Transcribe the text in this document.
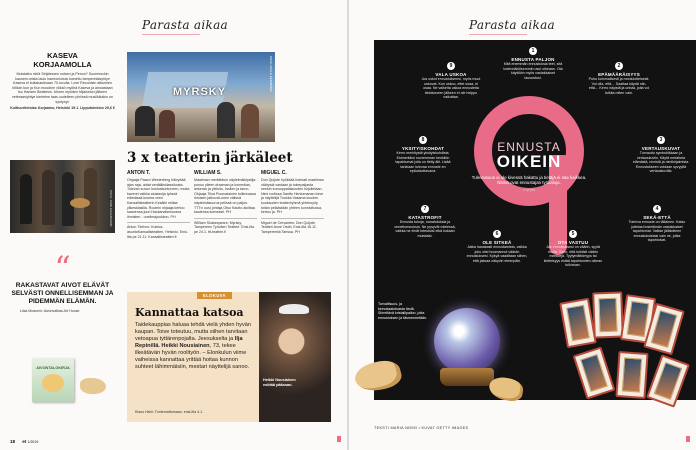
Parasta aikaa
KASEVA KORJAAMOLLA
Muistatko vielä Strijdessen noisen ja Penon? Suomirockin kaunein-mista laulu harmonioista tunnettu tamperelaisyhtye Kaseva ei kultakautinaan 70-luvulla. Love Recordsin albumien billioin kun ja Kun moodine võkkö myöhä Kaseva ja ainoastaan Iso Hansen Beatlesin. Moren myöden hiljaiselon jälkeen veteraaniyhtye kiertelee taas uudelleen piiriinsä musiikkiakin on syntynyt.
Kulttuuritehdas Korjaamo, Helsinki 19.1. Lipputoimisto 29,6 €
KUVA: SAMI JOHANSSON
“
RAKASTAVAT AIVOT ELÄVÄT SELVÄSTI ONNELLISEMMAN JA PIDEMMÄN ELÄMÄN.
Liisa Mosseni: Aivonvaltias Art House
AIVONTALOKIRJA
MYRSKY
KUVA: KALLE KEKOMÄKI
3 x teatterin järkäleet
ANTON T.
Ohjaaja Paavo Westerberg häivyttää ajan raja- aidat venäläisklassikosta. Tulevan suvun kustoskuntuneen, mutta kaverei vaikka alustavija työssä elämässä kuoma veen Kansallisteatterin Kesälle millaa ylikeskiasilla. Roolein ohjaaja kertoo saanensa juuri Hackanaismunana ihmisten - uneilmajoukkon. PH
Anton Tšehov: Kuinka-asuntoKansallisteatteri, Helsinki. Ensi-ilta pe 21.11. Kansallisteatteri.fi
WILLIAM S.
Maailman merkittävin näytelmäkirjailija punoo ylleen draaman ja komedian, ankeran ja yleisön, tosilen ja tarun. Ohjaaja Tiina Puumalainen tulkinnassa ihmisen jatkuvat-unen välissä näytelmäsuurus pelissä on paljon. TTT:n uusi johtaja Otso Kautto aloittaa kautensa komeasti. PH
William Shakespeare: Myrsky, Tampereen Työväen Teatteri. Ensi-ilta pe 24.1. ttt-teatteri.fi
MIGUEL C.
Don Quijote hyökkää liotessil maailman väärysiä vastaan ja tuleepaljasta neekin eurooppalaisuuden kirjoitetaan. Nimi roolissa Santtu Hentumanan toive ja näyttelijä Tuukka Vasama kuuden kuukauden teatteriryhmä yhteisryöp toitan pelkästään yhteen kunnioitussa, kertoo ja. PH
Miguel de Cervantes: Don Quijote, Teatteri Anne Ostel, Ensi-ilta 16.11. Tampereella Tanssa. PH
ELOKUVA
Kannattaa katsoa
Taidekauppias haluaa tehdä vielä yhden hyvän kaupan. Toive toteutuu, mutta siihen tarvitaan vetoapua tyttärenpojalta. Jeesukselta ja Ilja Repinillä. Heikki Nousiainen, 73, tekee ilkeätävän hyvän roolityön. – Elonkulun viime vaiheissa kannattaa yrittää hoitaa kunnon suhteet lähimmäisiin, mestari näyttelijä sanoo.
Klaus Härö: Tuntemattomaan, ensi-ilta 4.1.
Heikki Nousiainen esittää pääosan.
18 et 1/2019
Parasta aikaa
ENNUSTA
OIKEIN
Tulevaisuus ei ole kivessä hakattu ja tietäjä ei näe kaikkea. Nämä ovat ennustajan työkaluja.
5 tyhjää
1
ENNUSTA PALJON
Mitä enemmän ennustuksia teet, sitä todennäköisemmin osut oikeaan. Ota käyttöön myös vastakkaiset lausuntosi.
2
EPÄMÄÄRÄISYYS
Puhu kummalisesti ja moniulotteisesti. Voi olla, että… Saattaa käydä niin, että… Kerro näyistä ja unista, joita voi tulkita miten vain.
3
VERTAUSKUVAT
Turvaudu symboliikkaan ja vertauskuviin. Käytä metaforia elämästä, nimistä ja nimikirjaimista. Ennustukseen voidaan syvyyttä vertauskuvilla.
4
SEKÄ-ETTÄ
Toimiva ennuste on tällainen. Katso juttelasi tosielämän vastakkaiset tapahtumat. Valitse jälkikäteen ennustuksistasi vain ne, jotka tapahtuivat.
5
OTA VASTUU
Jos ennustuksesi on väärin, syytä muita. Sano, että tulkitsit väärin merkkejä. Tyytymättömyys tai kielteisyys estää tapahtumien oikean tulkinnan.
6
OLE SITKEÄ
Jatka hanakasti ennustamista, vaikka joku olisi huomannut väärän ennustuksesi. Kykyä vaaditaan siihen, että jaksaa näkyvin eteenpäin.
7
KATASTROFIT
Ennusta tuhoja, romahduksia ja onnettomuuksia. Ne pysyvät mielessä, vaikka ne eivät toteutuisi eikä kukaan muistaisi.
8
YKSITYISKOHDAT
Kerro merkitystä yksityiskohdista. Esimerkiksi nuoremman henkilön tapahtumat jolla on tietty äiti. Lisää tarkkaan tulevaa ennuste en epäuskottavana.
9
VALA USKOA
Jos uskot ennustukseesi, myös muut uskovat. Kun uskoo, ettei osaa, ei osaa. Ne vaikeita uskoa ennusteita tietokoneen jälkeen ei ole helppo vaikuttaa.
Turvallisuus- ja keinokaatoisasta tiedä. Siirreltävä kristallipallon, jotta ennustuksen ja täsmennetään.
TEKSTI MARIA NIEMI • KUVAT GETTY IMAGES
